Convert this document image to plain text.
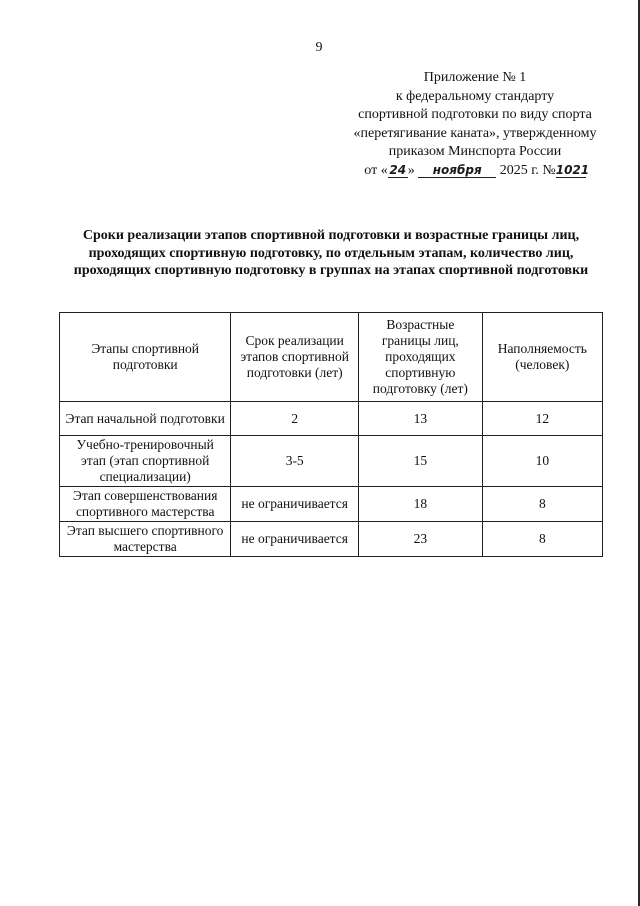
9
Приложение № 1
к федеральному стандарту
спортивной подготовки по виду спорта
«перетягивание каната», утвержденному
приказом Минспорта России
от « 24 » ноября 2025 г. №1021
Сроки реализации этапов спортивной подготовки и возрастные границы лиц, проходящих спортивную подготовку, по отдельным этапам, количество лиц, проходящих спортивную подготовку в группах на этапах спортивной подготовки
Этапы спортивной подготовки	Срок реализации этапов спортивной подготовки (лет)	Возрастные границы лиц, проходящих спортивную подготовку (лет)	Наполняемость (человек)
Этап начальной подготовки	2	13	12
Учебно-тренировочный этап (этап спортивной специализации)	3-5	15	10
Этап совершенствования спортивного мастерства	не ограничивается	18	8
Этап высшего спортивного мастерства	не ограничивается	23	8
